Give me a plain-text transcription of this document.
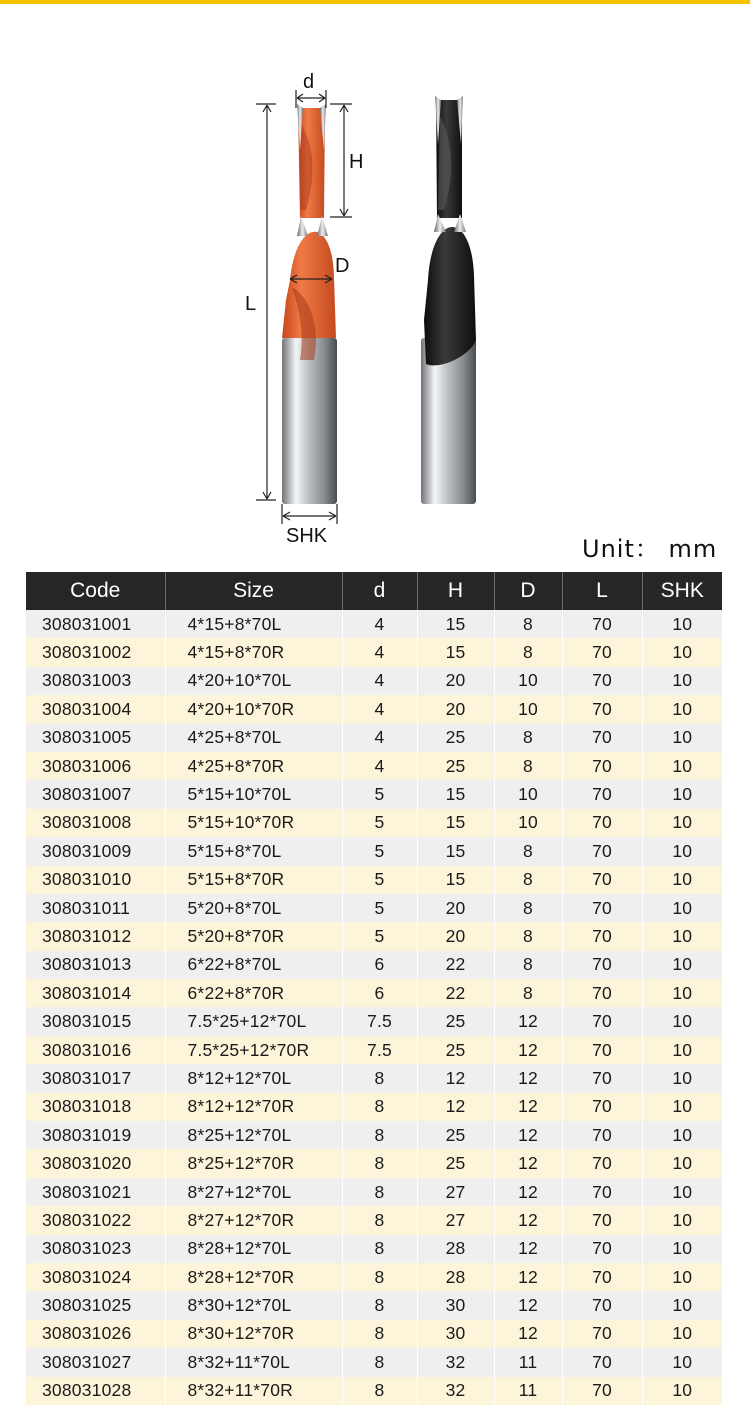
d
H
D
L
SHK	Unit： mm
Code	Size	d	H	D	L	SHK
308031001	4*15+8*70L	4	15	8	70	10
308031002	4*15+8*70R	4	15	8	70	10
308031003	4*20+10*70L	4	20	10	70	10
308031004	4*20+10*70R	4	20	10	70	10
308031005	4*25+8*70L	4	25	8	70	10
308031006	4*25+8*70R	4	25	8	70	10
308031007	5*15+10*70L	5	15	10	70	10
308031008	5*15+10*70R	5	15	10	70	10
308031009	5*15+8*70L	5	15	8	70	10
308031010	5*15+8*70R	5	15	8	70	10
308031011	5*20+8*70L	5	20	8	70	10
308031012	5*20+8*70R	5	20	8	70	10
308031013	6*22+8*70L	6	22	8	70	10
308031014	6*22+8*70R	6	22	8	70	10
308031015	7.5*25+12*70L	7.5	25	12	70	10
308031016	7.5*25+12*70R	7.5	25	12	70	10
308031017	8*12+12*70L	8	12	12	70	10
308031018	8*12+12*70R	8	12	12	70	10
308031019	8*25+12*70L	8	25	12	70	10
308031020	8*25+12*70R	8	25	12	70	10
308031021	8*27+12*70L	8	27	12	70	10
308031022	8*27+12*70R	8	27	12	70	10
308031023	8*28+12*70L	8	28	12	70	10
308031024	8*28+12*70R	8	28	12	70	10
308031025	8*30+12*70L	8	30	12	70	10
308031026	8*30+12*70R	8	30	12	70	10
308031027	8*32+11*70L	8	32	11	70	10
308031028	8*32+11*70R	8	32	11	70	10
